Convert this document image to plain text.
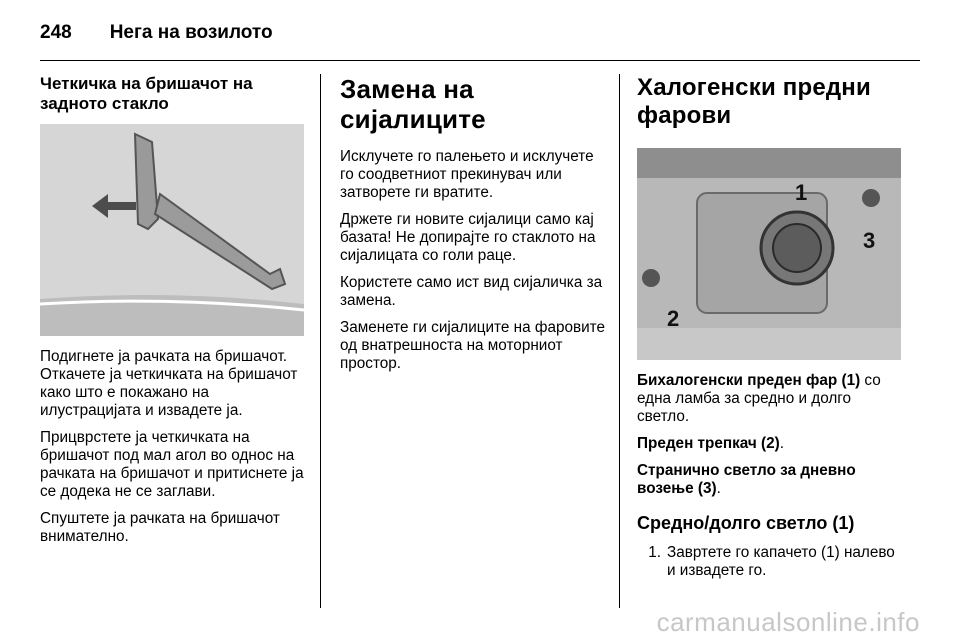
248 Нега на возилото
Четкичка на бришачот на задното стакло

Подигнете ја рачката на бришачот. Откачете ја четкичката на бришачот како што е покажано на илустрацијата и извадете ја.

Прицврстете ја четкичката на бришачот под мал агол во однос на рачката на бришачот и притиснете ја се додека не се заглави.

Спуштете ја рачката на бришачот внимателно.

Замена на сијалиците

Исклучете го палењето и исклучете го соодветниот прекинувач или затворете ги вратите.

Држете ги новите сијалици само кај базата! Не допирајте го стаклото на сијалицата со голи раце.

Користете само ист вид сијаличка за замена.

Заменете ги сијалиците на фаровите од внатрешноста на моторниот простор.

Халогенски предни фарови
1
2
3

Бихалогенски преден фар (1) со една ламба за средно и долго светло.

Преден трепкач (2).

Странично светло за дневно возење (3).

Средно/долго светло (1)
1. Завртете го капачето (1) налево и извадете го.
carmanualsonline.info
